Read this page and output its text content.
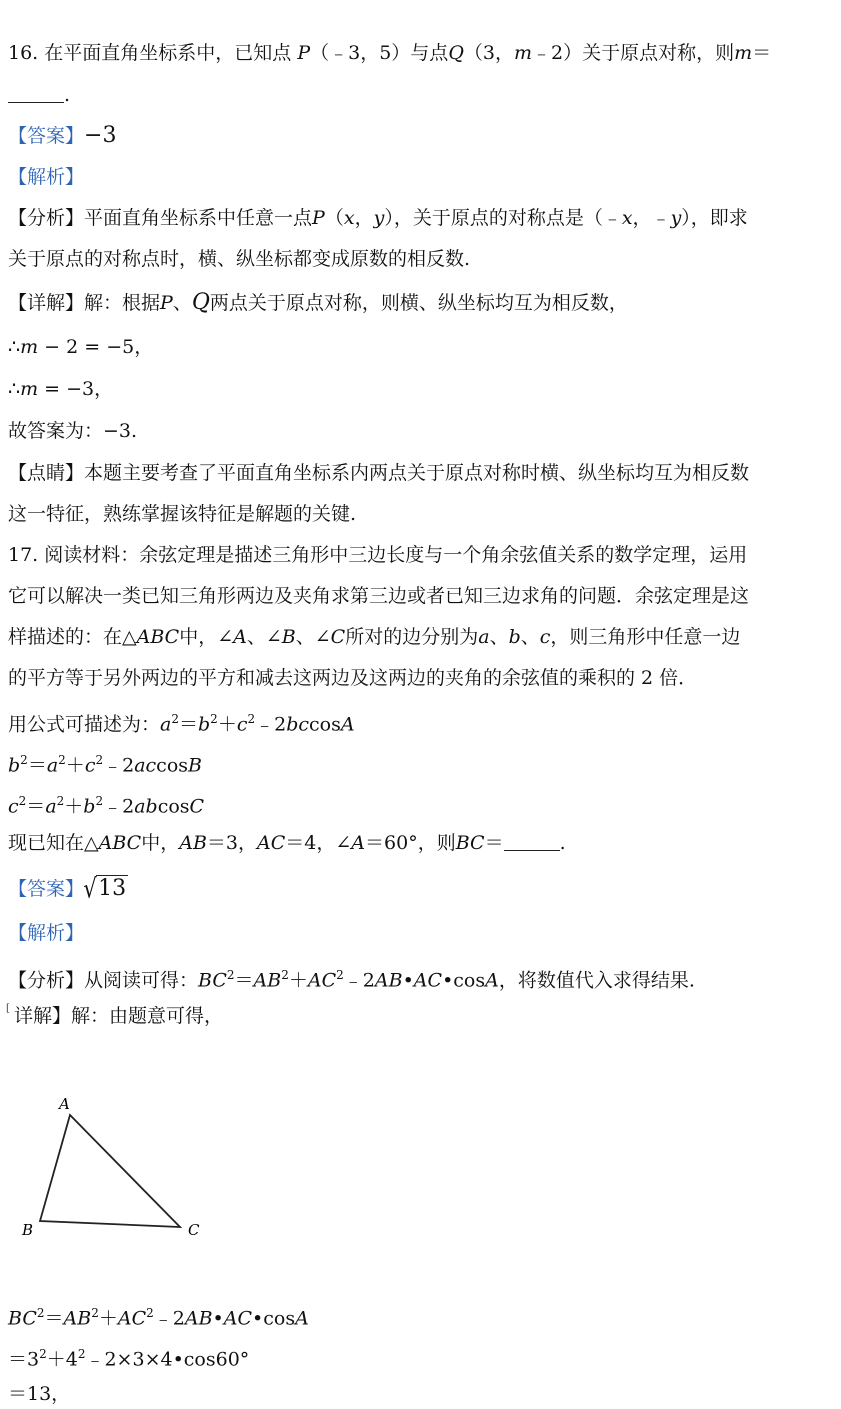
16. 在平面直角坐标系中，已知点 P（﹣3，5）与点Q（3，m﹣2）关于原点对称，则m＝
.
【答案】−3
【解析】
【分析】平面直角坐标系中任意一点P（x，y），关于原点的对称点是（﹣x，﹣y），即求
关于原点的对称点时，横、纵坐标都变成原数的相反数.
【详解】解：根据P、Q两点关于原点对称，则横、纵坐标均互为相反数，
∴m − 2 = −5，
∴m = −3，
故答案为：−3.
【点睛】本题主要考查了平面直角坐标系内两点关于原点对称时横、纵坐标均互为相反数
这一特征，熟练掌握该特征是解题的关键.
17. 阅读材料：余弦定理是描述三角形中三边长度与一个角余弦值关系的数学定理，运用
它可以解决一类已知三角形两边及夹角求第三边或者已知三边求角的问题．余弦定理是这
样描述的：在△ABC中，∠A、∠B、∠C所对的边分别为a、b、c，则三角形中任意一边
的平方等于另外两边的平方和减去这两边及这两边的夹角的余弦值的乘积的 2 倍．
用公式可描述为：$a^2=b^2+c^2﹣2bccosA$
$b^2=a^2+c^2﹣2accosB$
$c^2=a^2+b^2﹣2abcosC$
现已知在△ABC中，AB＝3，AC＝4，∠A＝60°，则BC＝	.
【答案】√13
【解析】
【分析】从阅读可得：$BC^2=AB^2+AC^2﹣2AB•AC•\cos A$，将数值代入求得结果.
[ 详解】解：由题意可得，
A
B	C
$BC^2=AB^2+AC^2﹣2AB•AC•\cos A$
$=3^2+4^2﹣2\times 3\times 4•\cos 60^\circ$
＝13，
